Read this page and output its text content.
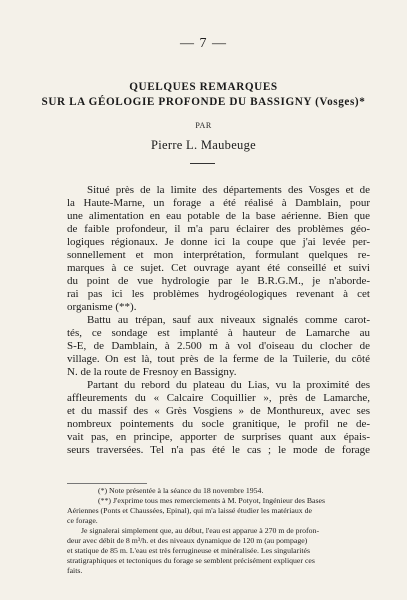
— 7 —
QUELQUES REMARQUES
SUR LA GÉOLOGIE PROFONDE DU BASSIGNY (Vosges)*
PAR
Pierre L. Maubeuge
Situé près de la limite des départements des Vosges et de
la Haute-Marne, un forage a été réalisé à Damblain, pour
une alimentation en eau potable de la base aérienne. Bien que
de faible profondeur, il m'a paru éclairer des problèmes géo-
logiques régionaux. Je donne ici la coupe que j'ai levée per-
sonnellement et mon interprétation, formulant quelques re-
marques à ce sujet. Cet ouvrage ayant été conseillé et suivi
du point de vue hydrologie par le B.R.G.M., je n'aborde-
rai pas ici les problèmes hydrogéologiques revenant à cet
organisme (**).
Battu au trépan, sauf aux niveaux signalés comme carot-
tés, ce sondage est implanté à hauteur de Lamarche au
S-E, de Damblain, à 2.500 m à vol d'oiseau du clocher de
village. On est là, tout près de la ferme de la Tuilerie, du côté
N. de la route de Fresnoy en Bassigny.
Partant du rebord du plateau du Lias, vu la proximité des
affleurements du « Calcaire Coquillier », près de Lamarche,
et du massif des « Grès Vosgiens » de Monthureux, avec ses
nombreux pointements du socle granitique, le profil ne de-
vait pas, en principe, apporter de surprises quant aux épais-
seurs traversées. Tel n'a pas été le cas ; le mode de forage
(*) Note présentée à la séance du 18 novembre 1954.
(**) J'exprime tous mes remerciements à M. Potyot, Ingénieur des Bases
Aériennes (Ponts et Chaussées, Epinal), qui m'a laissé étudier les matériaux de
ce forage.
Je signalerai simplement que, au début, l'eau est apparue à 270 m de profon-
deur avec débit de 8 m³/h. et des niveaux dynamique de 120 m (au pompage)
et statique de 85 m. L'eau est très ferrugineuse et minéralisée. Les singularités
stratigraphiques et tectoniques du forage se semblent précisément expliquer ces
faits.
